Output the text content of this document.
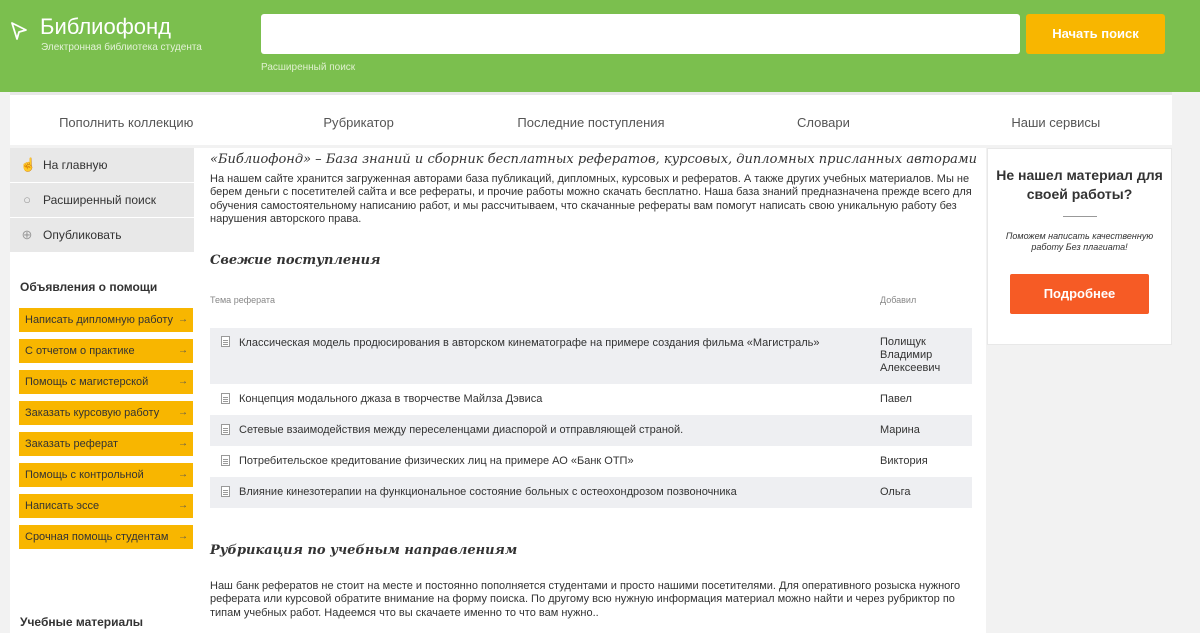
Библиофонд
Электронная библиотека студента
Начать поиск
Расширенный поиск
Пополнить коллекцию	Рубрикатор	Последние поступления	Словари	Наши сервисы
☝ На главную
○ Расширенный поиск
⊕ Опубликовать
Объявления о помощи
Написать дипломную работу →
С отчетом о практике	→
Помощь с магистерской	→
Заказать курсовую работу →
Заказать реферат	→
Помощь с контрольной	→
Написать эссе	→
Срочная помощь студентам →
Учебные материалы
«Библиофонд» – База знаний и сборник бесплатных рефератов, курсовых, дипломных присланных авторами
На нашем сайте хранится загруженная авторами база публикаций, дипломных, курсовых и рефератов. А также других учебных материалов. Мы не берем деньги с посетителей сайта и все рефераты, и прочие работы можно скачать бесплатно. Наша база знаний предназначена прежде всего для обучения самостоятельному написанию работ, и мы рассчитываем, что скачанные рефераты вам помогут написать свою уникальную работу без нарушения авторского права.
Свежие поступления
Тема реферата	Добавил
Классическая модель продюсирования в авторском кинематографе на примере создания фильма «Магистраль»	Полищук Владимир Алексеевич
Концепция модального джаза в творчестве Майлза Дэвиса	Павел
Сетевые взаимодействия между переселенцами диаспорой и отправляющей страной.	Марина
Потребительское кредитование физических лиц на примере АО «Банк ОТП»	Виктория
Влияние кинезотерапии на функциональное состояние больных с остеохондрозом позвоночника	Ольга
Рубрикация по учебным направлениям
Наш банк рефератов не стоит на месте и постоянно пополняется студентами и просто нашими посетителями. Для оперативного розыска нужного реферата или курсовой обратите внимание на форму поиска. По другому всю нужную информация материал можно найти и через рубриктор по типам учебных работ. Надеемся что вы скачаете именно то что вам нужно..
Не нашел материал для своей работы?
Поможем написать качественную работу Без плагиата!
Подробнее
